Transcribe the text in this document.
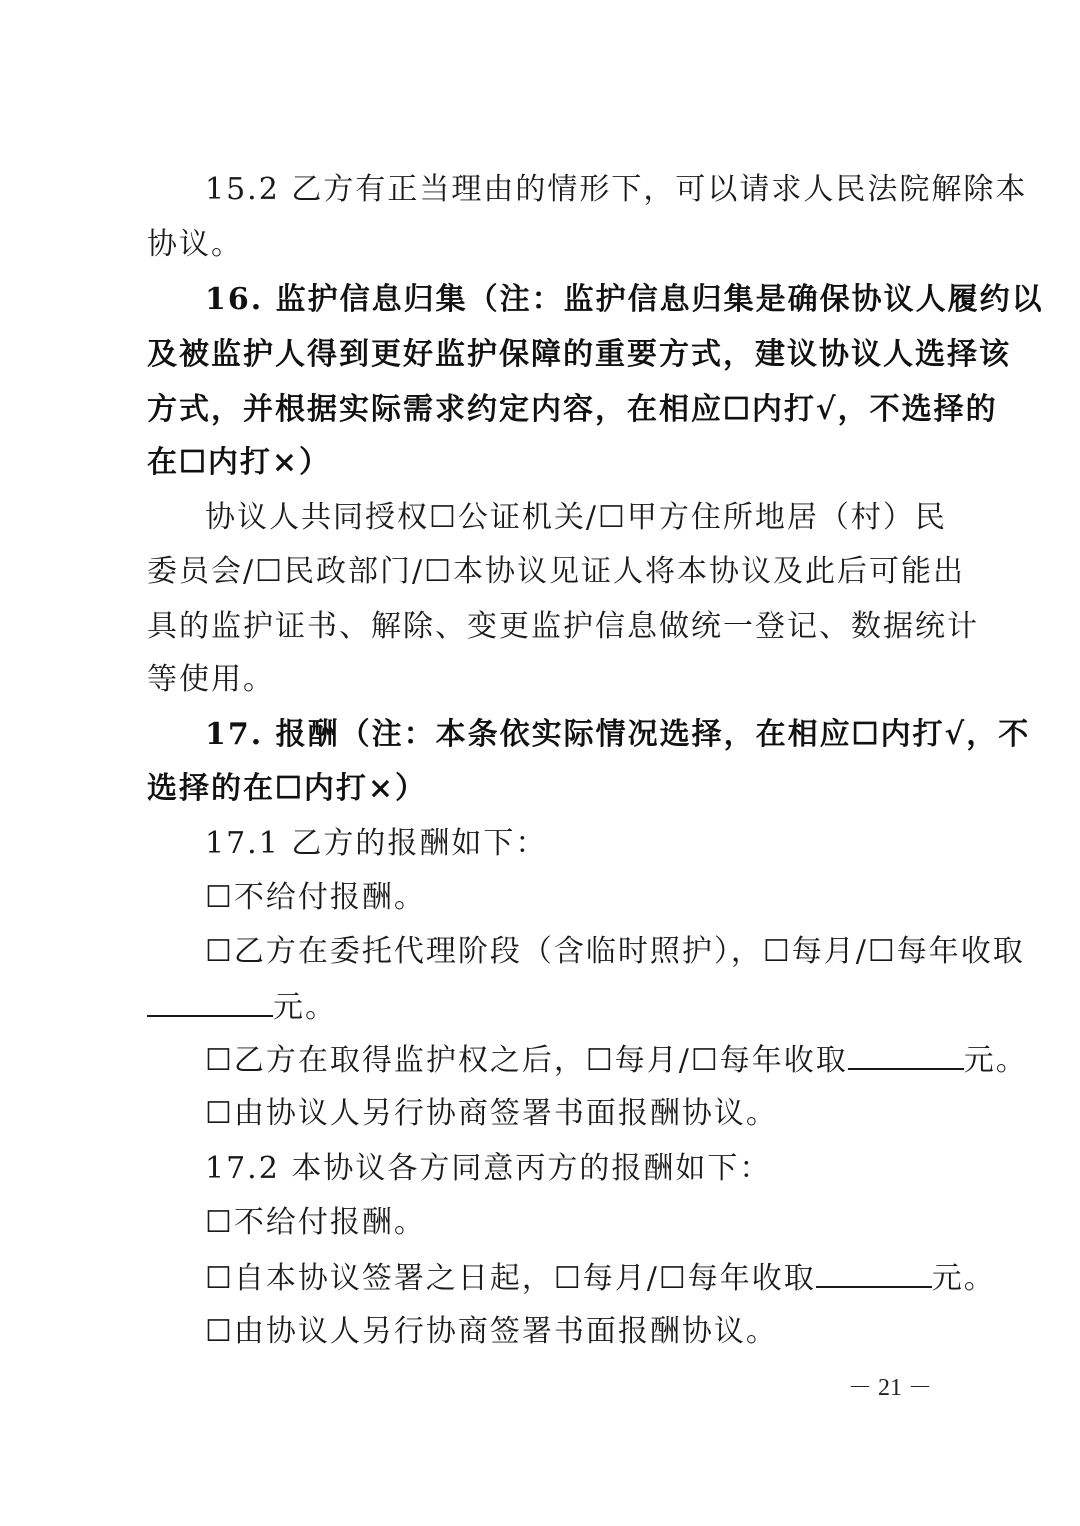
15.2 乙方有正当理由的情形下，可以请求人民法院解除本
协议。
16. 监护信息归集（注：监护信息归集是确保协议人履约以
及被监护人得到更好监护保障的重要方式，建议协议人选择该
方式，并根据实际需求约定内容，在相应☐内打√，不选择的
在☐内打×）
协议人共同授权☐公证机关/☐甲方住所地居（村）民
委员会/☐民政部门/☐本协议见证人将本协议及此后可能出
具的监护证书、解除、变更监护信息做统一登记、数据统计
等使用。
17. 报酬（注：本条依实际情况选择，在相应☐内打√，不
选择的在☐内打×）
17.1 乙方的报酬如下：
☐不给付报酬。
☐乙方在委托代理阶段（含临时照护），☐每月/☐每年收取
元。
☐乙方在取得监护权之后，☐每月/☐每年收取	元。
☐由协议人另行协商签署书面报酬协议。
17.2 本协议各方同意丙方的报酬如下：
☐不给付报酬。
☐自本协议签署之日起，☐每月/☐每年收取	元。
☐由协议人另行协商签署书面报酬协议。
－ 21 －
